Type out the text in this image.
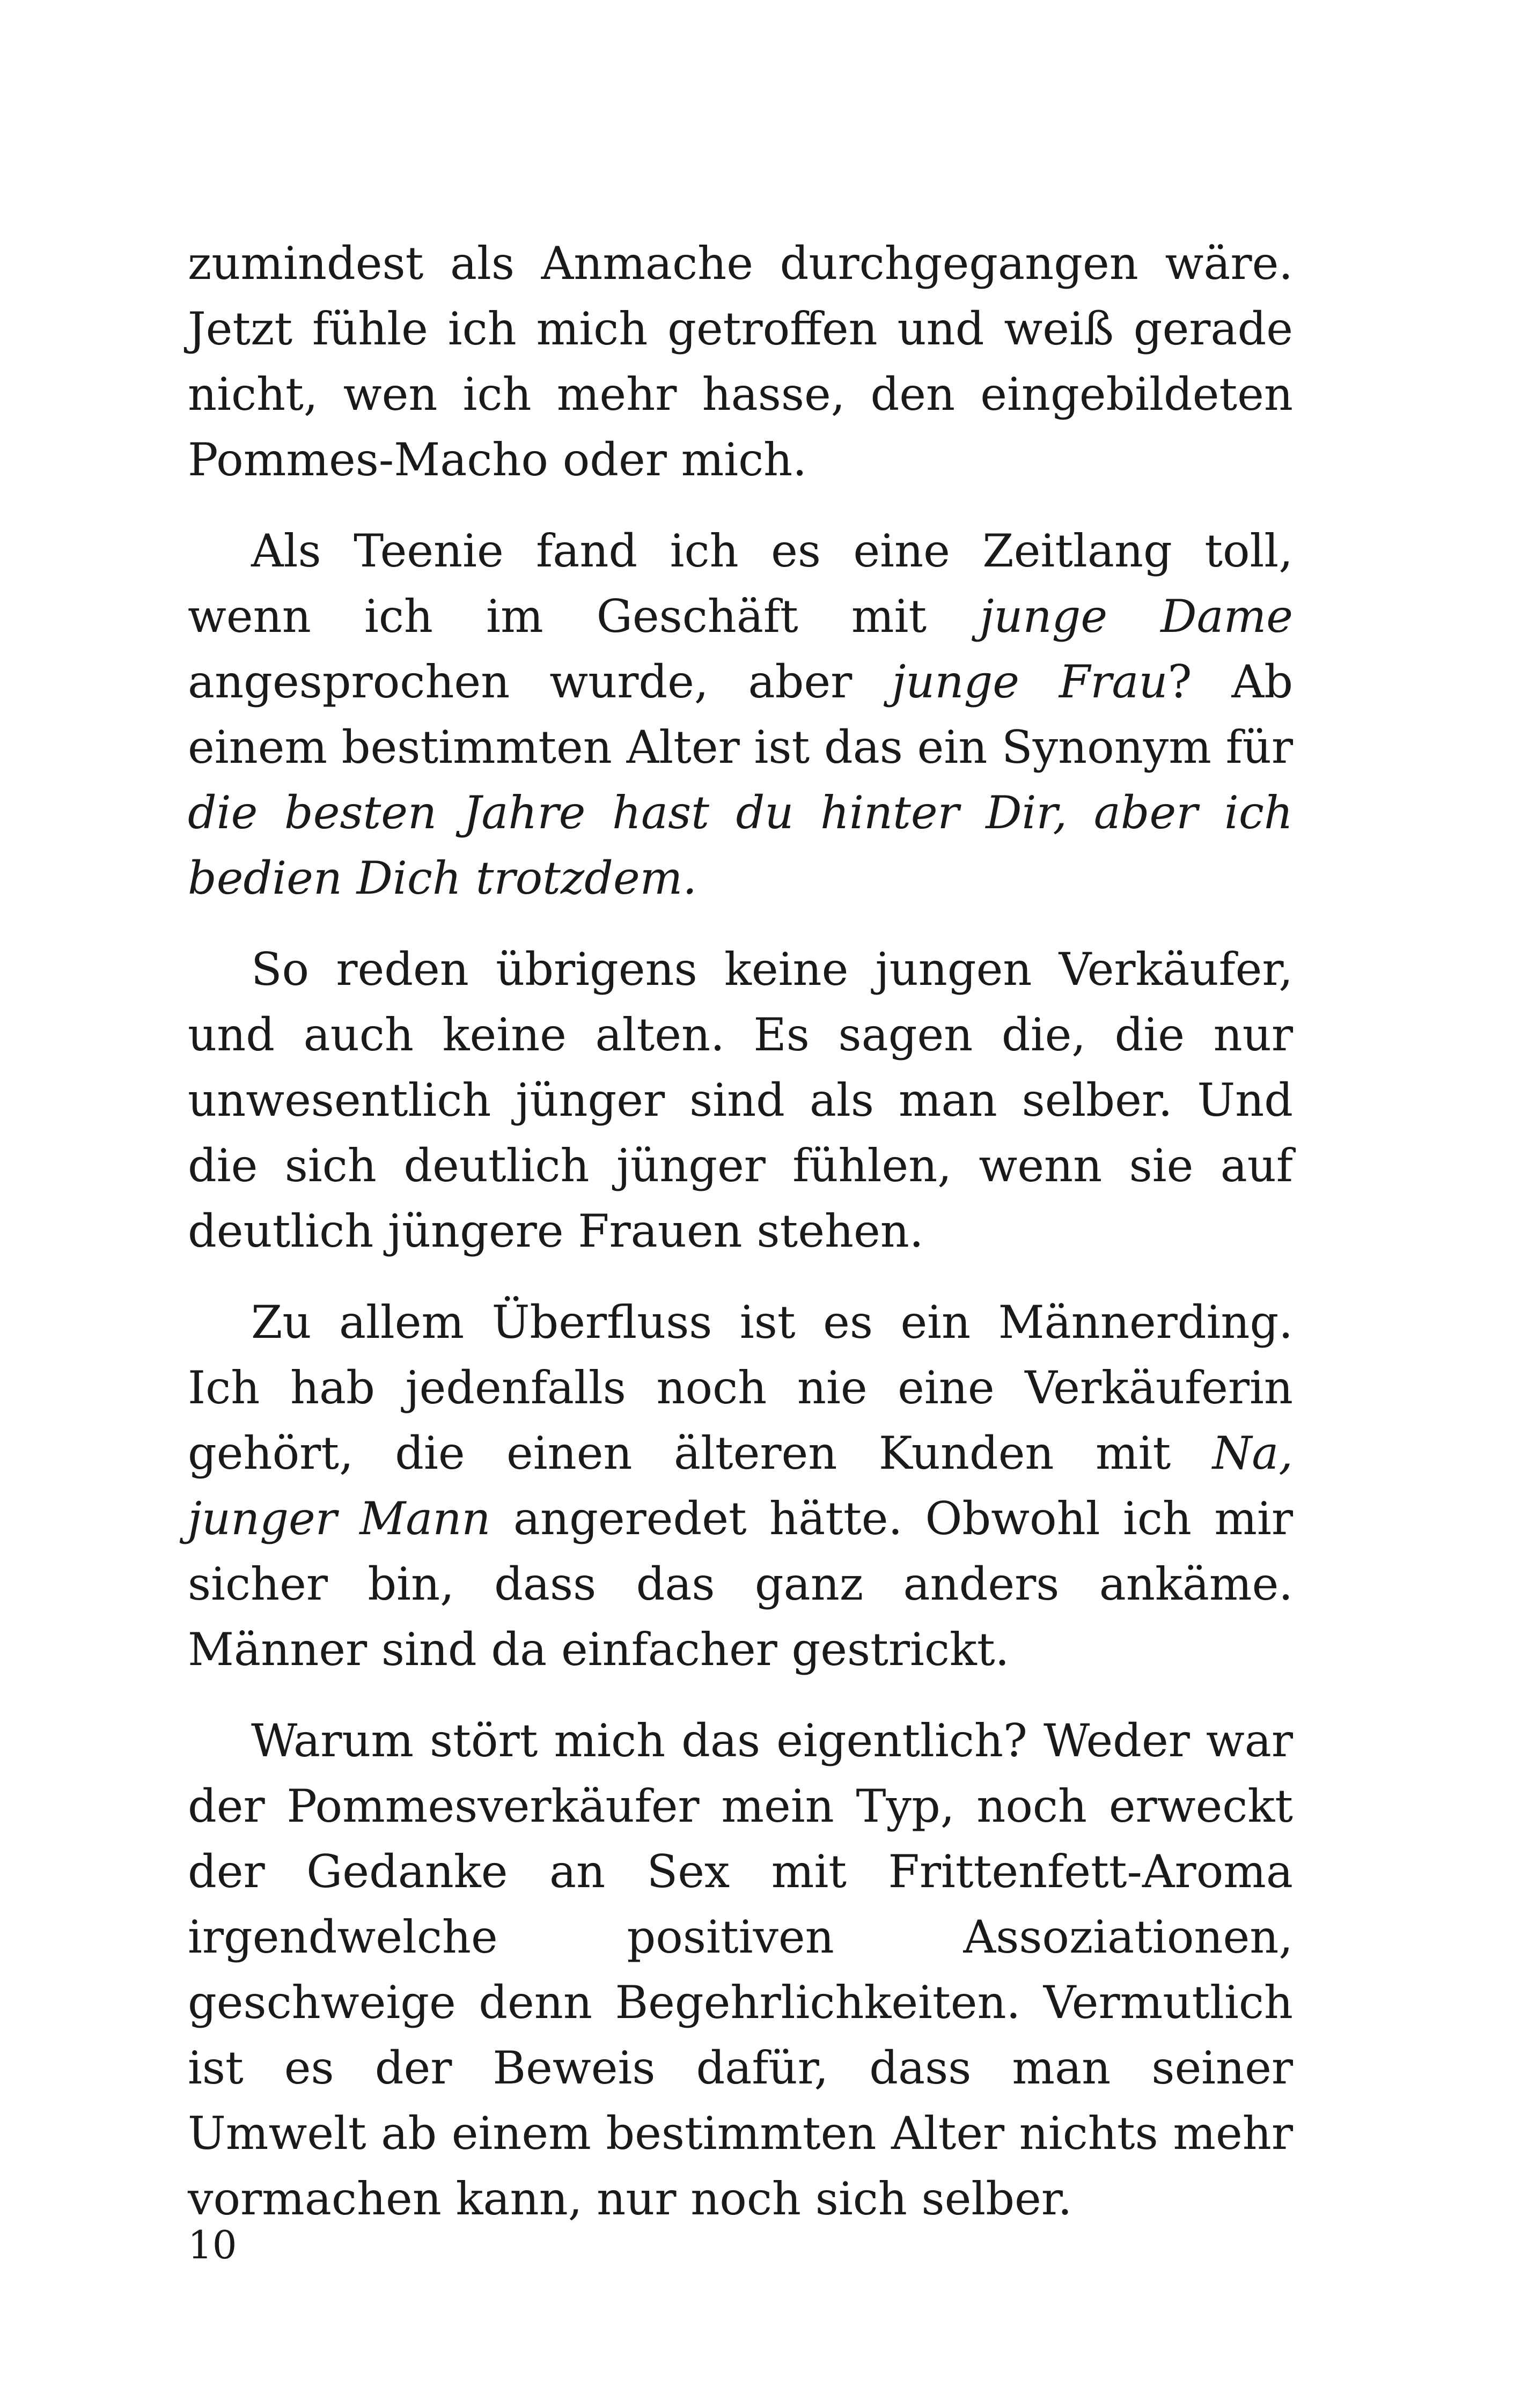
zumindest als Anmache durchgegangen wäre. Jetzt fühle ich mich getroffen und weiß gerade nicht, wen ich mehr hasse, den eingebildeten Pommes-Macho oder mich.

Als Teenie fand ich es eine Zeitlang toll, wenn ich im Geschäft mit junge Dame angesprochen wurde, aber junge Frau? Ab einem bestimmten Alter ist das ein Synonym für die besten Jahre hast du hinter Dir, aber ich bedien Dich trotzdem.

So reden übrigens keine jungen Verkäufer, und auch keine alten. Es sagen die, die nur unwesentlich jünger sind als man selber. Und die sich deutlich jünger fühlen, wenn sie auf deutlich jüngere Frauen stehen.

Zu allem Überfluss ist es ein Männerding. Ich hab jedenfalls noch nie eine Verkäuferin gehört, die einen älteren Kunden mit Na, junger Mann angeredet hätte. Obwohl ich mir sicher bin, dass das ganz anders ankäme. Männer sind da einfacher gestrickt.

Warum stört mich das eigentlich? Weder war der Pommesverkäufer mein Typ, noch erweckt der Gedanke an Sex mit Frittenfett-Aroma irgendwelche positiven Assoziationen, geschweige denn Begehrlichkeiten. Vermutlich ist es der Beweis dafür, dass man seiner Umwelt ab einem bestimmten Alter nichts mehr vormachen kann, nur noch sich selber.

10
